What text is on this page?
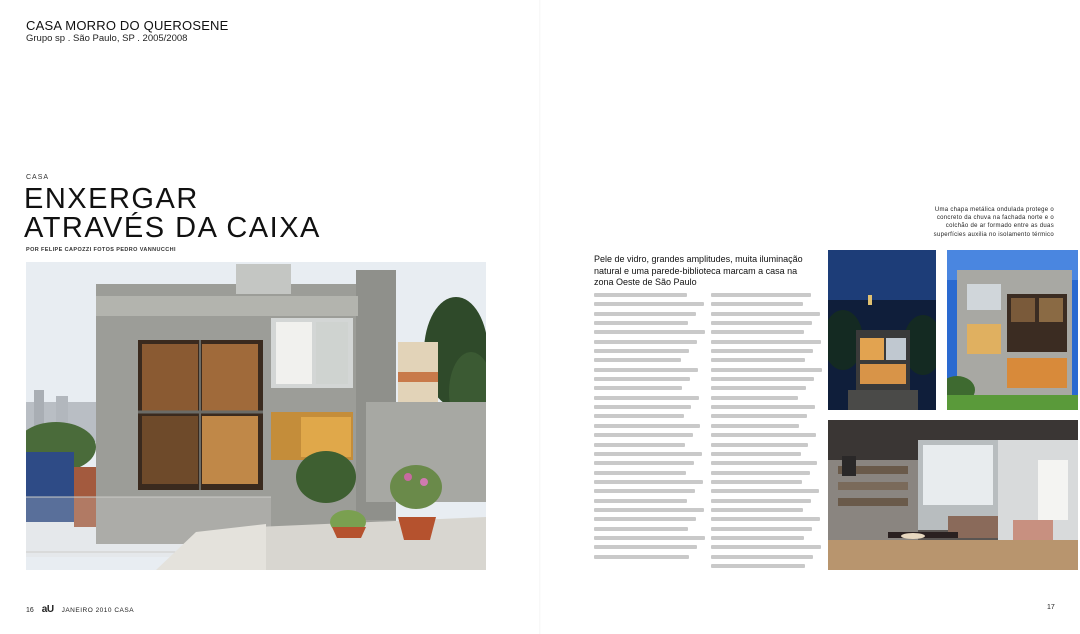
CASA MORRO DO QUEROSENE
Grupo sp . São Paulo, SP . 2005/2008
CASA
ENXERGAR
ATRAVÉS DA CAIXA
POR FELIPE CAPOZZI FOTOS PEDRO VANNUCCHI

Pele de vidro, grandes amplitudes, muita iluminação natural e uma parede-biblioteca marcam a casa na zona Oeste de São Paulo

Uma chapa metálica ondulada protege o concreto da chuva na fachada norte e o colchão de ar formado entre as duas superfícies auxilia no isolamento térmico
16 aU JANEIRO 2010 CASA	17
